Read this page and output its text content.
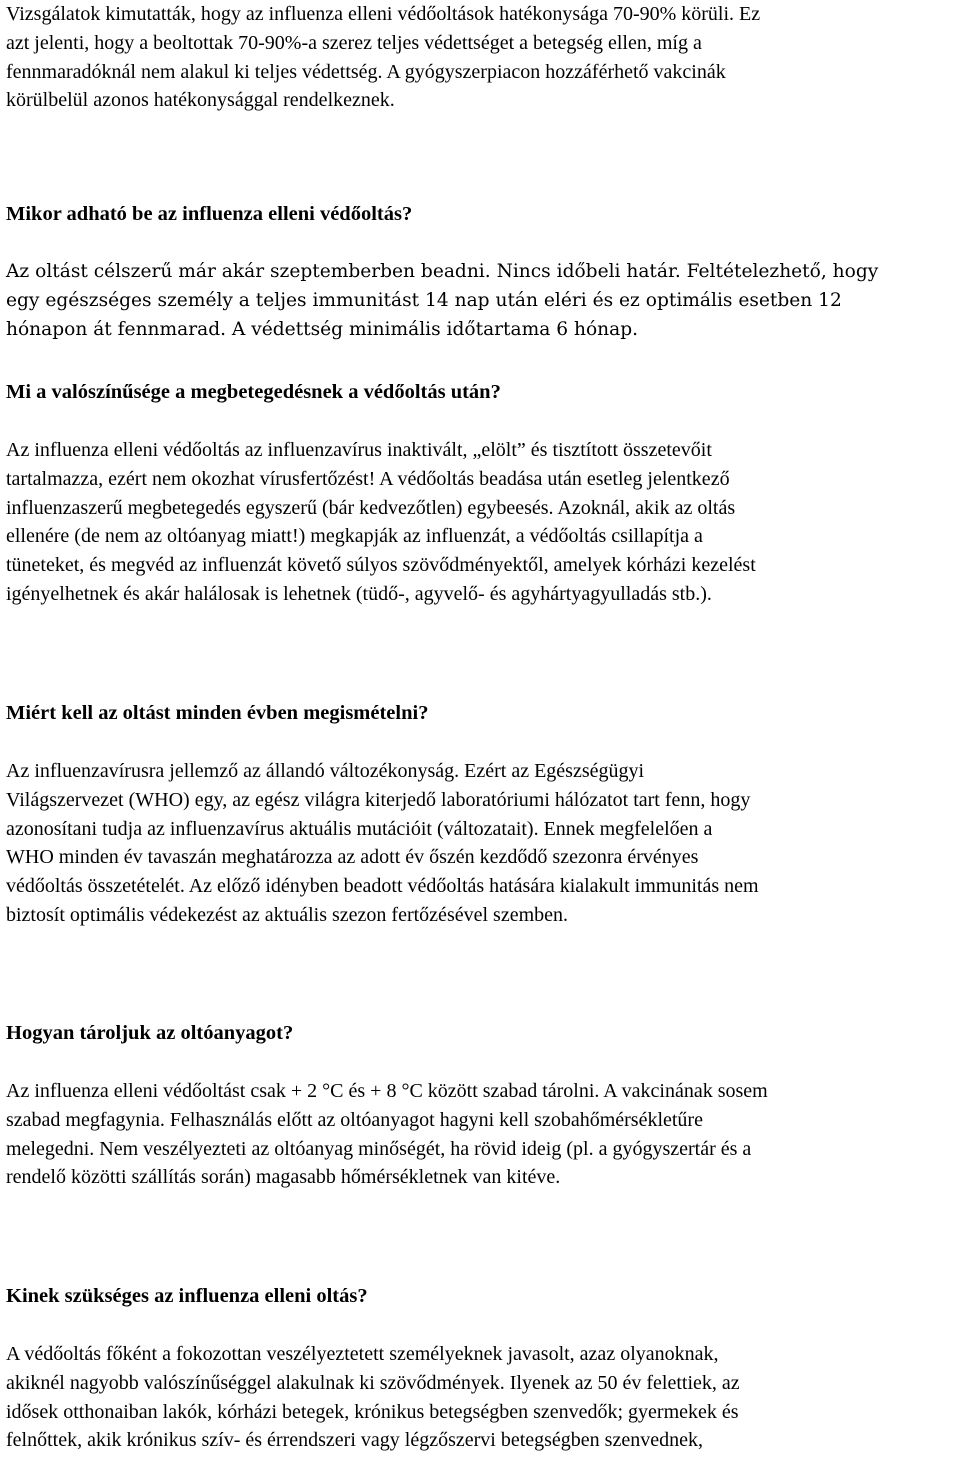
Vizsgálatok kimutatták, hogy az influenza elleni védőoltások hatékonysága 70-90% körüli. Ez
azt jelenti, hogy a beoltottak 70-90%-a szerez teljes védettséget a betegség ellen, míg a
fennmaradóknál nem alakul ki teljes védettség. A gyógyszerpiacon hozzáférhető vakcinák
körülbelül azonos hatékonysággal rendelkeznek.
Mikor adható be az influenza elleni védőoltás?
Az oltást célszerű már akár szeptemberben beadni. Nincs időbeli határ. Feltételezhető, hogy
egy egészséges személy a teljes immunitást 14 nap után eléri és ez optimális esetben 12
hónapon át fennmarad. A védettség minimális időtartama 6 hónap.
Mi a valószínűsége a megbetegedésnek a védőoltás után?
Az influenza elleni védőoltás az influenzavírus inaktivált, „elölt” és tisztított összetevőit
tartalmazza, ezért nem okozhat vírusfertőzést! A védőoltás beadása után esetleg jelentkező
influenzaszerű megbetegedés egyszerű (bár kedvezőtlen) egybeesés. Azoknál, akik az oltás
ellenére (de nem az oltóanyag miatt!) megkapják az influenzát, a védőoltás csillapítja a
tüneteket, és megvéd az influenzát követő súlyos szövődményektől, amelyek kórházi kezelést
igényelhetnek és akár halálosak is lehetnek (tüdő-, agyvelő- és agyhártyagyulladás stb.).
Miért kell az oltást minden évben megismételni?
Az influenzavírusra jellemző az állandó változékonyság. Ezért az Egészségügyi
Világszervezet (WHO) egy, az egész világra kiterjedő laboratóriumi hálózatot tart fenn, hogy
azonosítani tudja az influenzavírus aktuális mutációit (változatait). Ennek megfelelően a
WHO minden év tavaszán meghatározza az adott év őszén kezdődő szezonra érvényes
védőoltás összetételét. Az előző idényben beadott védőoltás hatására kialakult immunitás nem
biztosít optimális védekezést az aktuális szezon fertőzésével szemben.
Hogyan tároljuk az oltóanyagot?
Az influenza elleni védőoltást csak + 2 °C és + 8 °C között szabad tárolni. A vakcinának sosem
szabad megfagynia. Felhasználás előtt az oltóanyagot hagyni kell szobahőmérsékletűre
melegedni. Nem veszélyezteti az oltóanyag minőségét, ha rövid ideig (pl. a gyógyszertár és a
rendelő közötti szállítás során) magasabb hőmérsékletnek van kitéve.
Kinek szükséges az influenza elleni oltás?
A védőoltás főként a fokozottan veszélyeztetett személyeknek javasolt, azaz olyanoknak,
akiknél nagyobb valószínűséggel alakulnak ki szövődmények. Ilyenek az 50 év felettiek, az
idősek otthonaiban lakók, kórházi betegek, krónikus betegségben szenvedők; gyermekek és
felnőttek, akik krónikus szív- és érrendszeri vagy légzőszervi betegségben szenvednek,
